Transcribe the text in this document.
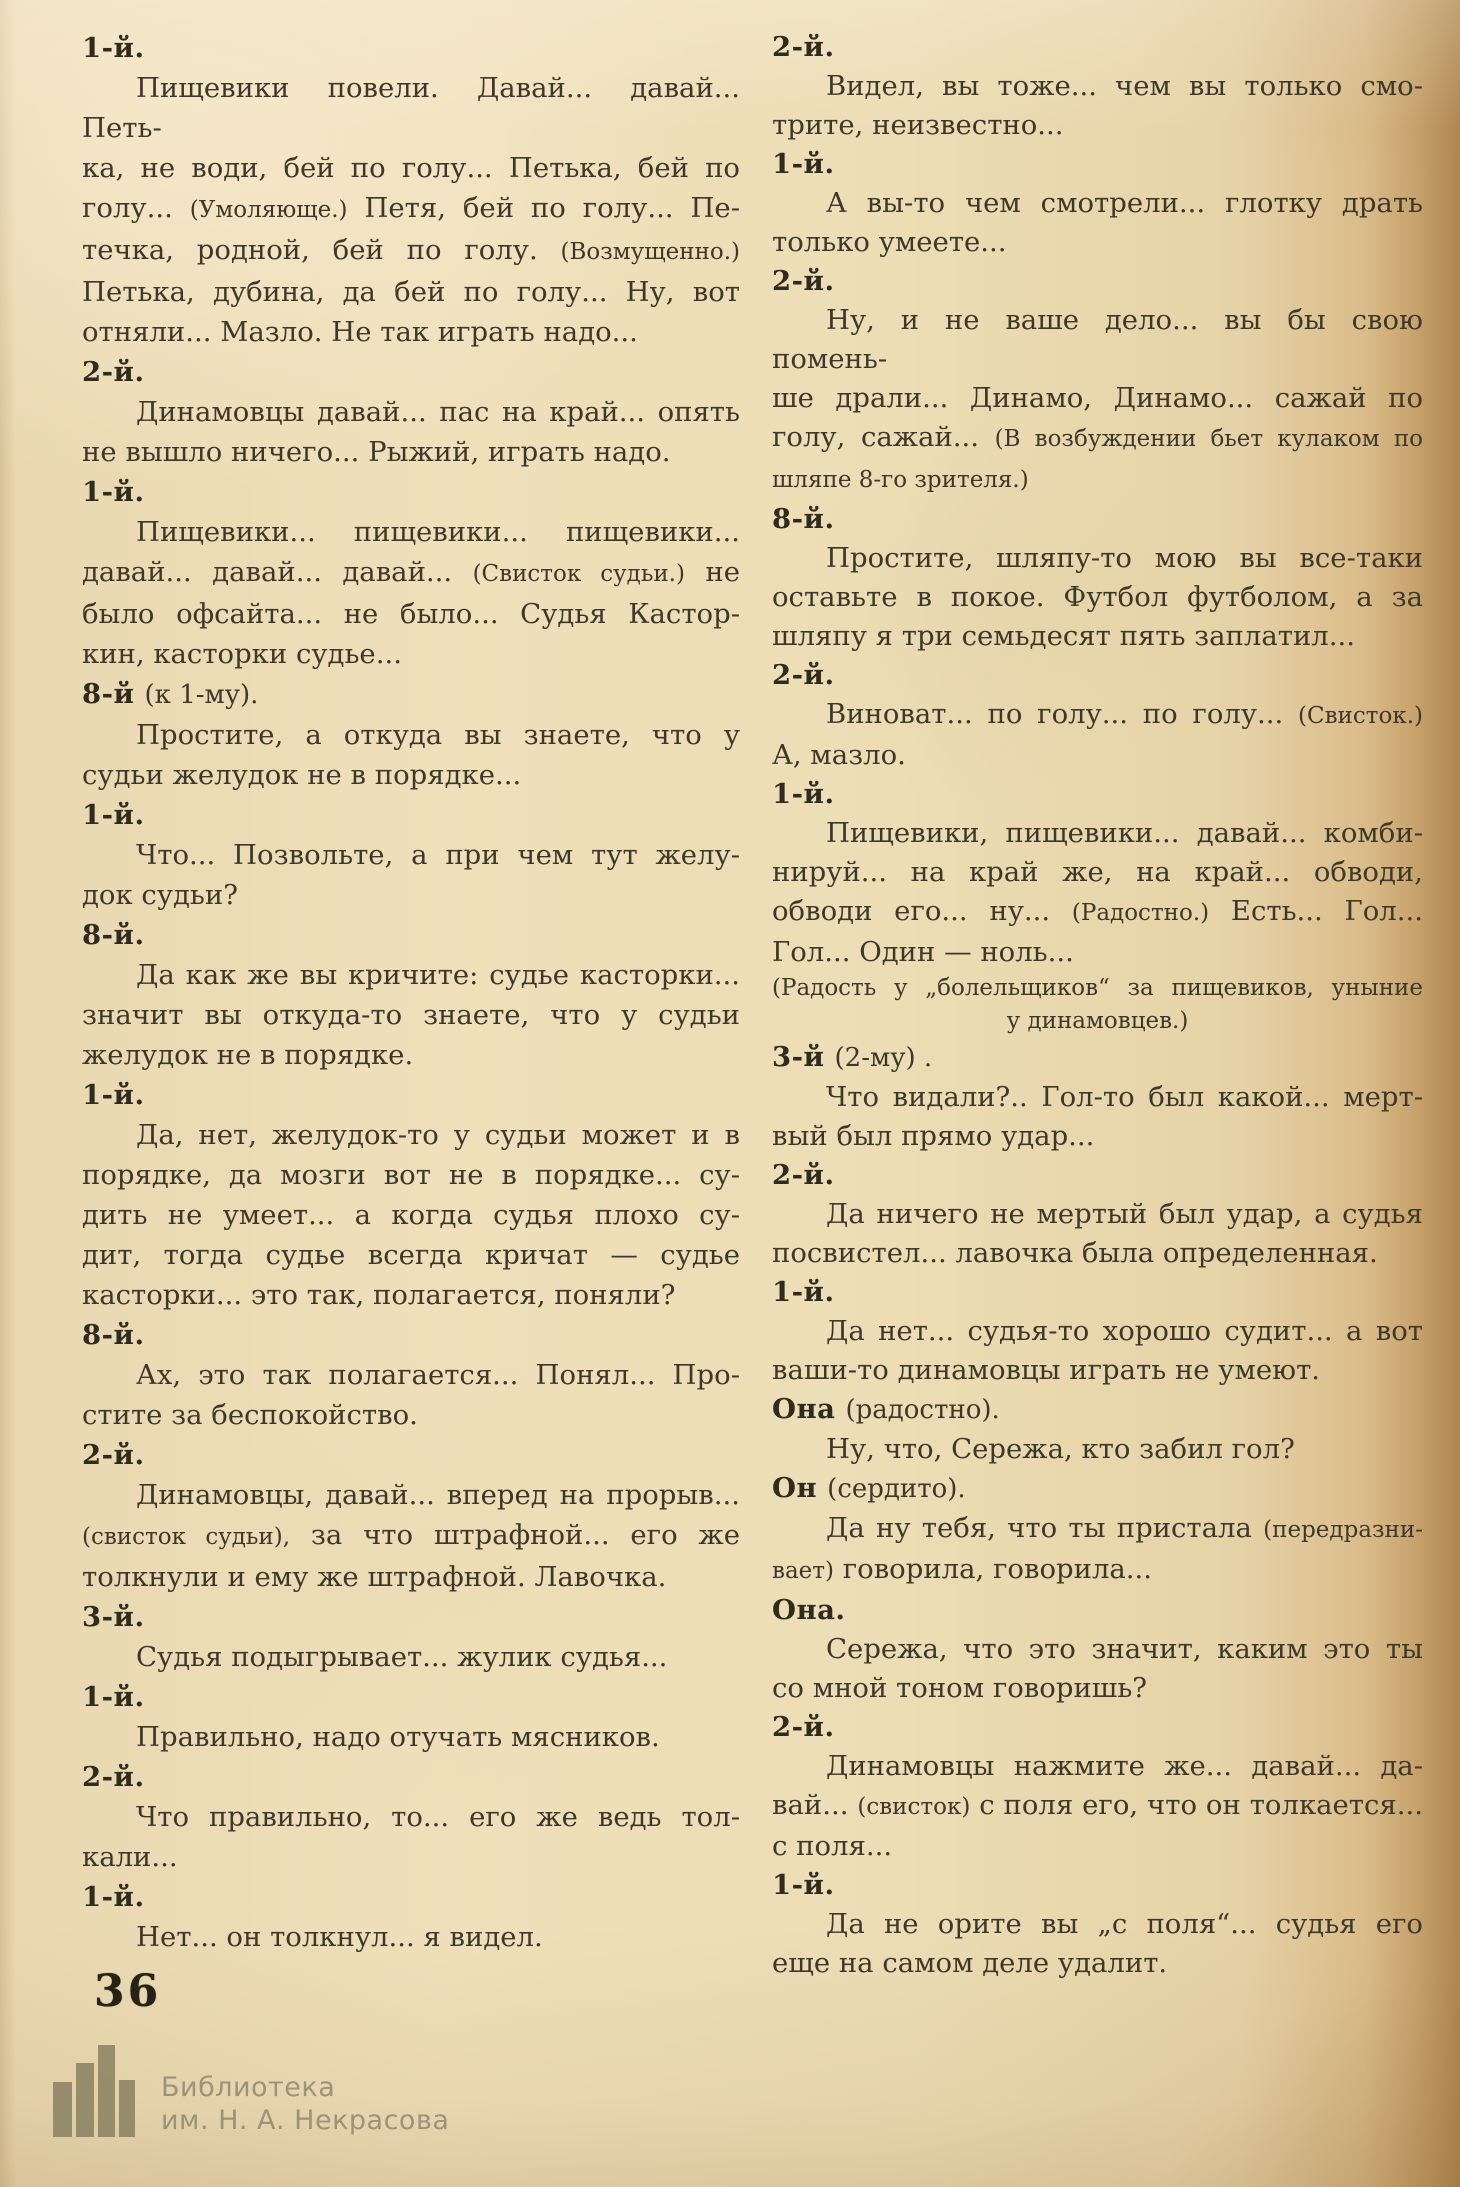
1-й.
Пищевики повели. Давай... давай... Петь-
ка, не води, бей по голу... Петька, бей по
голу... (Умоляюще.) Петя, бей по голу... Пе-
течка, родной, бей по голу. (Возмущенно.)
Петька, дубина, да бей по голу... Ну, вот
отняли... Мазло. Не так играть надо...
2-й.
Динамовцы давай... пас на край... опять
не вышло ничего... Рыжий, играть надо.
1-й.
Пищевики... пищевики... пищевики...
давай... давай... давай... (Свисток судьи.) не
было офсайта... не было... Судья Кастор-
кин, касторки судье...
8-й (к 1-му).
Простите, а откуда вы знаете, что у
судьи желудок не в порядке...
1-й.
Что... Позвольте, а при чем тут желу-
док судьи?
8-й.
Да как же вы кричите: судье касторки...
значит вы откуда-то знаете, что у судьи
желудок не в порядке.
1-й.
Да, нет, желудок-то у судьи может и в
порядке, да мозги вот не в порядке... су-
дить не умеет... а когда судья плохо су-
дит, тогда судье всегда кричат — судье
касторки... это так, полагается, поняли?
8-й.
Ах, это так полагается... Понял... Про-
стите за беспокойство.
2-й.
Динамовцы, давай... вперед на прорыв...
(свисток судьи), за что штрафной... его же
толкнули и ему же штрафной. Лавочка.
3-й.
Судья подыгрывает... жулик судья...
1-й.
Правильно, надо отучать мясников.
2-й.
Что правильно, то... его же ведь тол-
кали...
1-й.
Нет... он толкнул... я видел.
2-й.
Видел, вы тоже... чем вы только смо-
трите, неизвестно...
1-й.
А вы-то чем смотрели... глотку драть
только умеете...
2-й.
Ну, и не ваше дело... вы бы свою помень-
ше драли... Динамо, Динамо... сажай по
голу, сажай... (В возбуждении бьет кулаком по
шляпе 8-го зрителя.)
8-й.
Простите, шляпу-то мою вы все-таки
оставьте в покое. Футбол футболом, а за
шляпу я три семьдесят пять заплатил...
2-й.
Виноват... по голу... по голу... (Свисток.)
А, мазло.
1-й.
Пищевики, пищевики... давай... комби-
нируй... на край же, на край... обводи,
обводи его... ну... (Радостно.) Есть... Гол...
Гол... Один — ноль...
(Радость у „болельщиков“ за пищевиков, уныние
у динамовцев.)
3-й (2-му) .
Что видали?.. Гол-то был какой... мерт-
вый был прямо удар...
2-й.
Да ничего не мертый был удар, а судья
посвистел... лавочка была определенная.
1-й.
Да нет... судья-то хорошо судит... а вот
ваши-то динамовцы играть не умеют.
Она (радостно).
Ну, что, Сережа, кто забил гол?
Он (сердито).
Да ну тебя, что ты пристала (передразни-
вает) говорила, говорила...
Она.
Сережа, что это значит, каким это ты
со мной тоном говоришь?
2-й.
Динамовцы нажмите же... давай... да-
вай... (свисток) с поля его, что он толкается...
с поля...
1-й.
Да не орите вы „с поля“... судья его
еще на самом деле удалит.
36
Библиотека
им. Н. А. Некрасова
